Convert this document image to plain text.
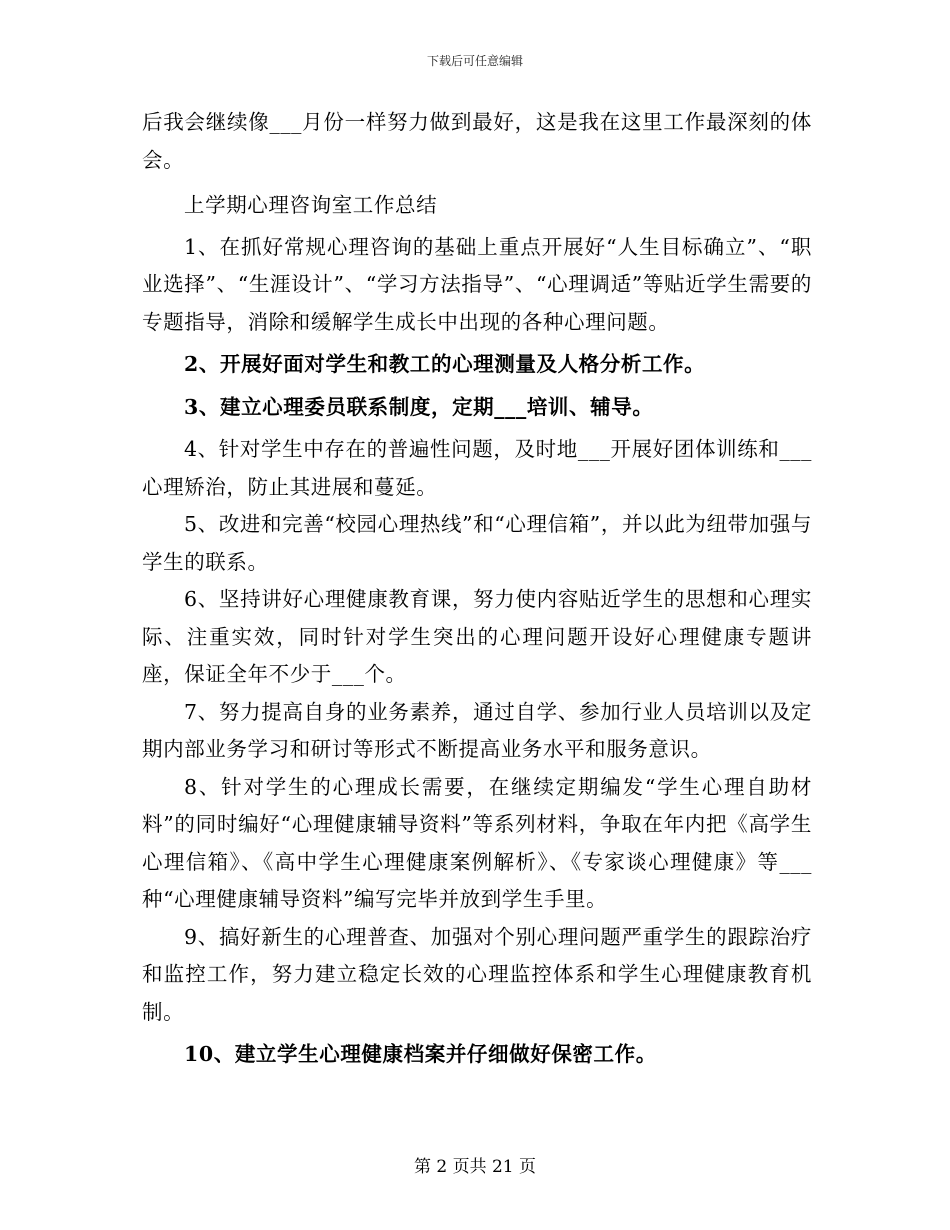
下载后可任意编辑

后我会继续像___月份一样努力做到最好，这是我在这里工作最深刻的体会。

上学期心理咨询室工作总结

1、在抓好常规心理咨询的基础上重点开展好“人生目标确立”、“职业选择”、“生涯设计”、“学习方法指导”、“心理调适”等贴近学生需要的专题指导，消除和缓解学生成长中出现的各种心理问题。

2、开展好面对学生和教工的心理测量及人格分析工作。

3、建立心理委员联系制度，定期___培训、辅导。

4、针对学生中存在的普遍性问题，及时地___开展好团体训练和___心理矫治，防止其进展和蔓延。

5、改进和完善“校园心理热线”和“心理信箱”，并以此为纽带加强与学生的联系。

6、坚持讲好心理健康教育课，努力使内容贴近学生的思想和心理实际、注重实效，同时针对学生突出的心理问题开设好心理健康专题讲座，保证全年不少于___个。

7、努力提高自身的业务素养，通过自学、参加行业人员培训以及定期内部业务学习和研讨等形式不断提高业务水平和服务意识。

8、针对学生的心理成长需要，在继续定期编发“学生心理自助材料”的同时编好“心理健康辅导资料”等系列材料，争取在年内把《高学生心理信箱》、《高中学生心理健康案例解析》、《专家谈心理健康》等___种“心理健康辅导资料”编写完毕并放到学生手里。

9、搞好新生的心理普查、加强对个别心理问题严重学生的跟踪治疗和监控工作，努力建立稳定长效的心理监控体系和学生心理健康教育机制。

10、建立学生心理健康档案并仔细做好保密工作。

第 2 页共 21 页
